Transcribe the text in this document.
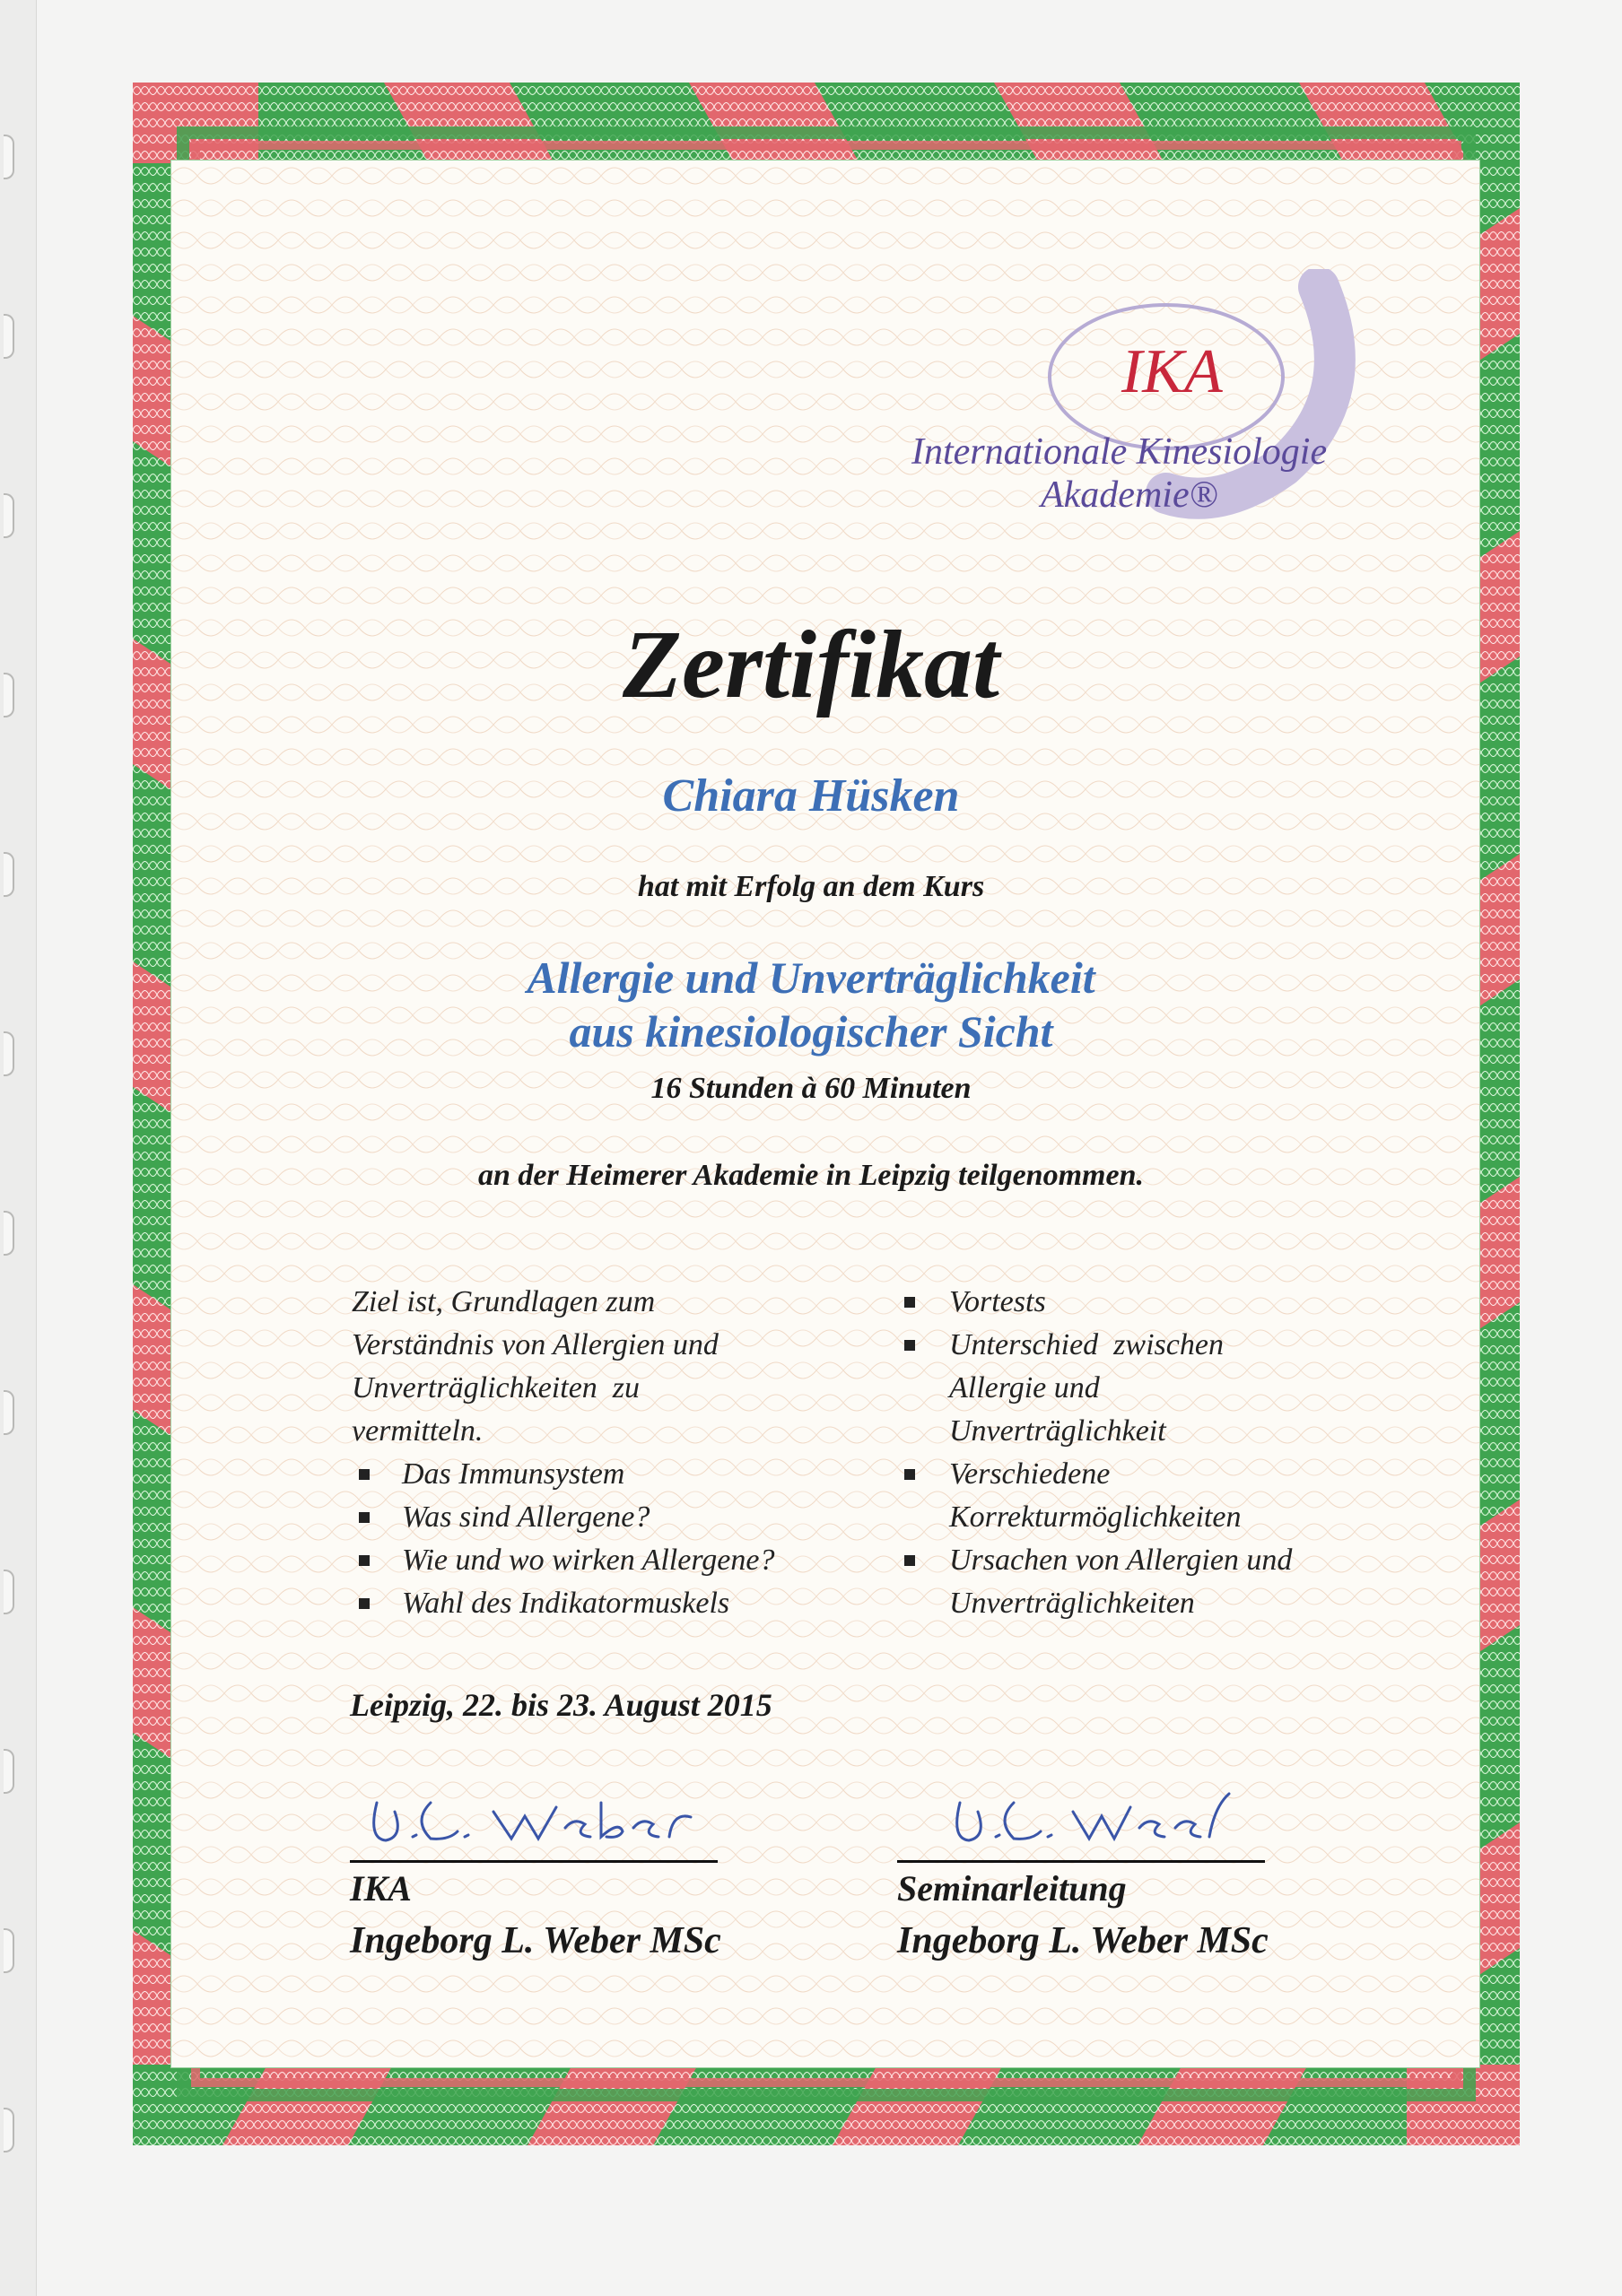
IKA
Internationale Kinesiologie
Akademie®
Zertifikat
Chiara Hüsken
hat mit Erfolg an dem Kurs
Allergie und Unverträglichkeit
aus kinesiologischer Sicht
16 Stunden à 60 Minuten
an der Heimerer Akademie in Leipzig teilgenommen.
Ziel ist, Grundlagen zum
Verständnis von Allergien und
Unverträglichkeiten  zu
vermitteln.
Das Immunsystem
Was sind Allergene?
Wie und wo wirken Allergene?
Wahl des Indikatormuskels
Vortests
Unterschied  zwischen
Allergie und
Unverträglichkeit
Verschiedene
Korrekturmöglichkeiten
Ursachen von Allergien und
Unverträglichkeiten
Leipzig, 22. bis 23. August 2015
IKA
Ingeborg L. Weber MSc
Seminarleitung
Ingeborg L. Weber MSc
